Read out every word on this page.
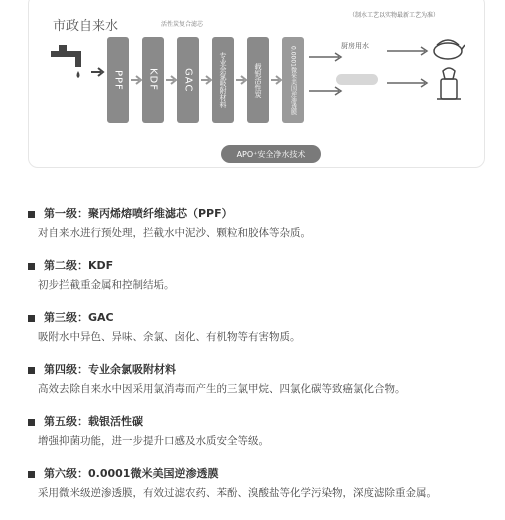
市政自来水	活性炭复合滤芯
（制水工艺以实物最新工艺为准）
PPF KDF GAC	专业余氯吸附材料	载银活性炭	0.0001微米美国逆渗透膜	厨房用水
APO⁺安全净水技术
第一级：聚丙烯熔喷纤维滤芯（PPF）
对自来水进行预处理，拦截水中泥沙、颗粒和胶体等杂质。
第二级：KDF
初步拦截重金属和控制结垢。
第三级：GAC
吸附水中异色、异味、余氯、卤化、有机物等有害物质。
第四级：专业余氯吸附材料
高效去除自来水中因采用氯消毒而产生的三氯甲烷、四氯化碳等致癌氯化合物。
第五级：载银活性碳
增强抑菌功能，进一步提升口感及水质安全等级。
第六级：0.0001微米美国逆渗透膜
采用微米级逆渗透膜，有效过滤农药、苯酚、溴酸盐等化学污染物，深度滤除重金属。
